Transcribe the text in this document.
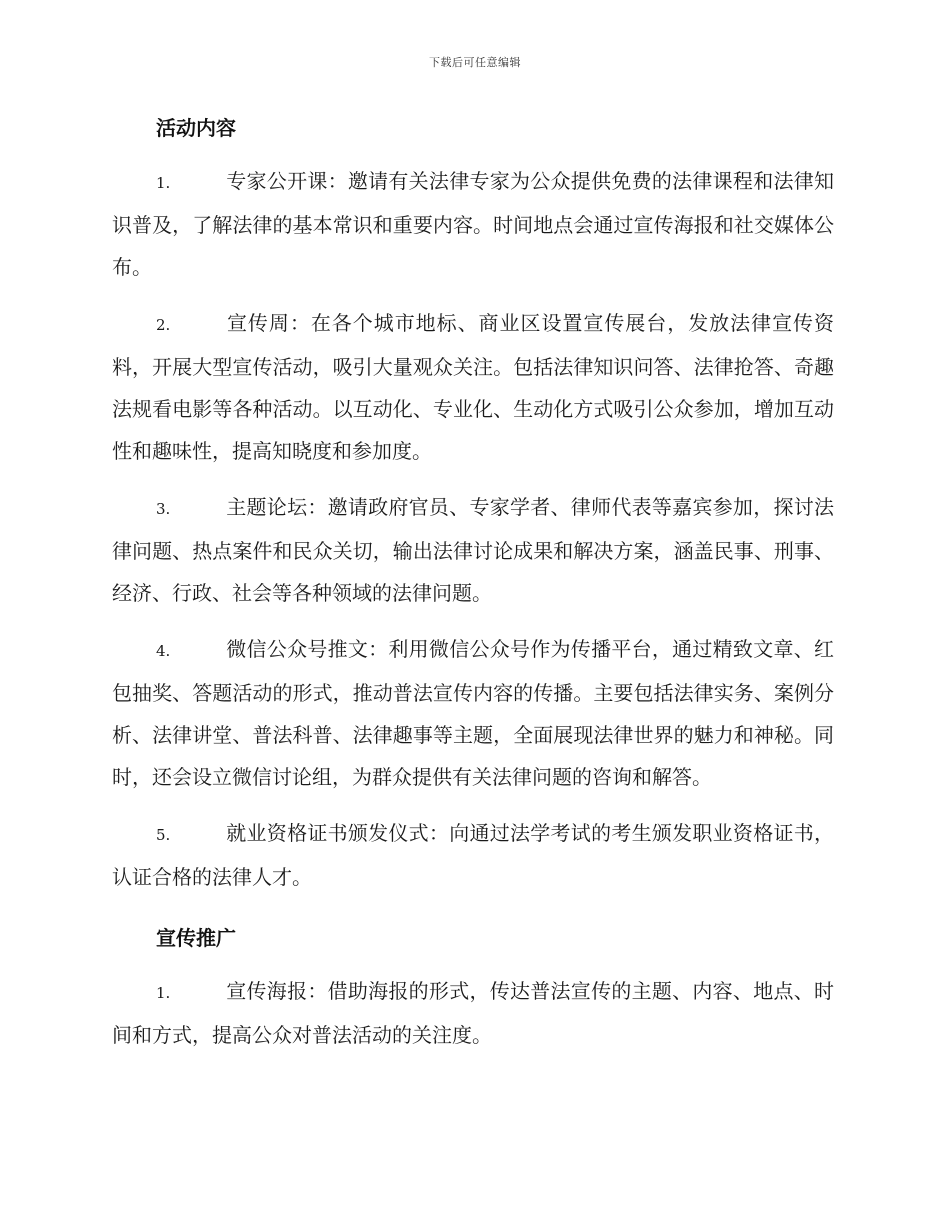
下载后可任意编辑
活动内容

1.	专家公开课：邀请有关法律专家为公众提供免费的法律课程和法律知识普及，了解法律的基本常识和重要内容。时间地点会通过宣传海报和社交媒体公布。

2.	宣传周：在各个城市地标、商业区设置宣传展台，发放法律宣传资料，开展大型宣传活动，吸引大量观众关注。包括法律知识问答、法律抢答、奇趣法规看电影等各种活动。以互动化、专业化、生动化方式吸引公众参加，增加互动性和趣味性，提高知晓度和参加度。

3.	主题论坛：邀请政府官员、专家学者、律师代表等嘉宾参加，探讨法律问题、热点案件和民众关切，输出法律讨论成果和解决方案，涵盖民事、刑事、经济、行政、社会等各种领域的法律问题。

4.	微信公众号推文：利用微信公众号作为传播平台，通过精致文章、红包抽奖、答题活动的形式，推动普法宣传内容的传播。主要包括法律实务、案例分析、法律讲堂、普法科普、法律趣事等主题，全面展现法律世界的魅力和神秘。同时，还会设立微信讨论组，为群众提供有关法律问题的咨询和解答。

5.	就业资格证书颁发仪式：向通过法学考试的考生颁发职业资格证书，认证合格的法律人才。

宣传推广

1.	宣传海报：借助海报的形式，传达普法宣传的主题、内容、地点、时间和方式，提高公众对普法活动的关注度。
